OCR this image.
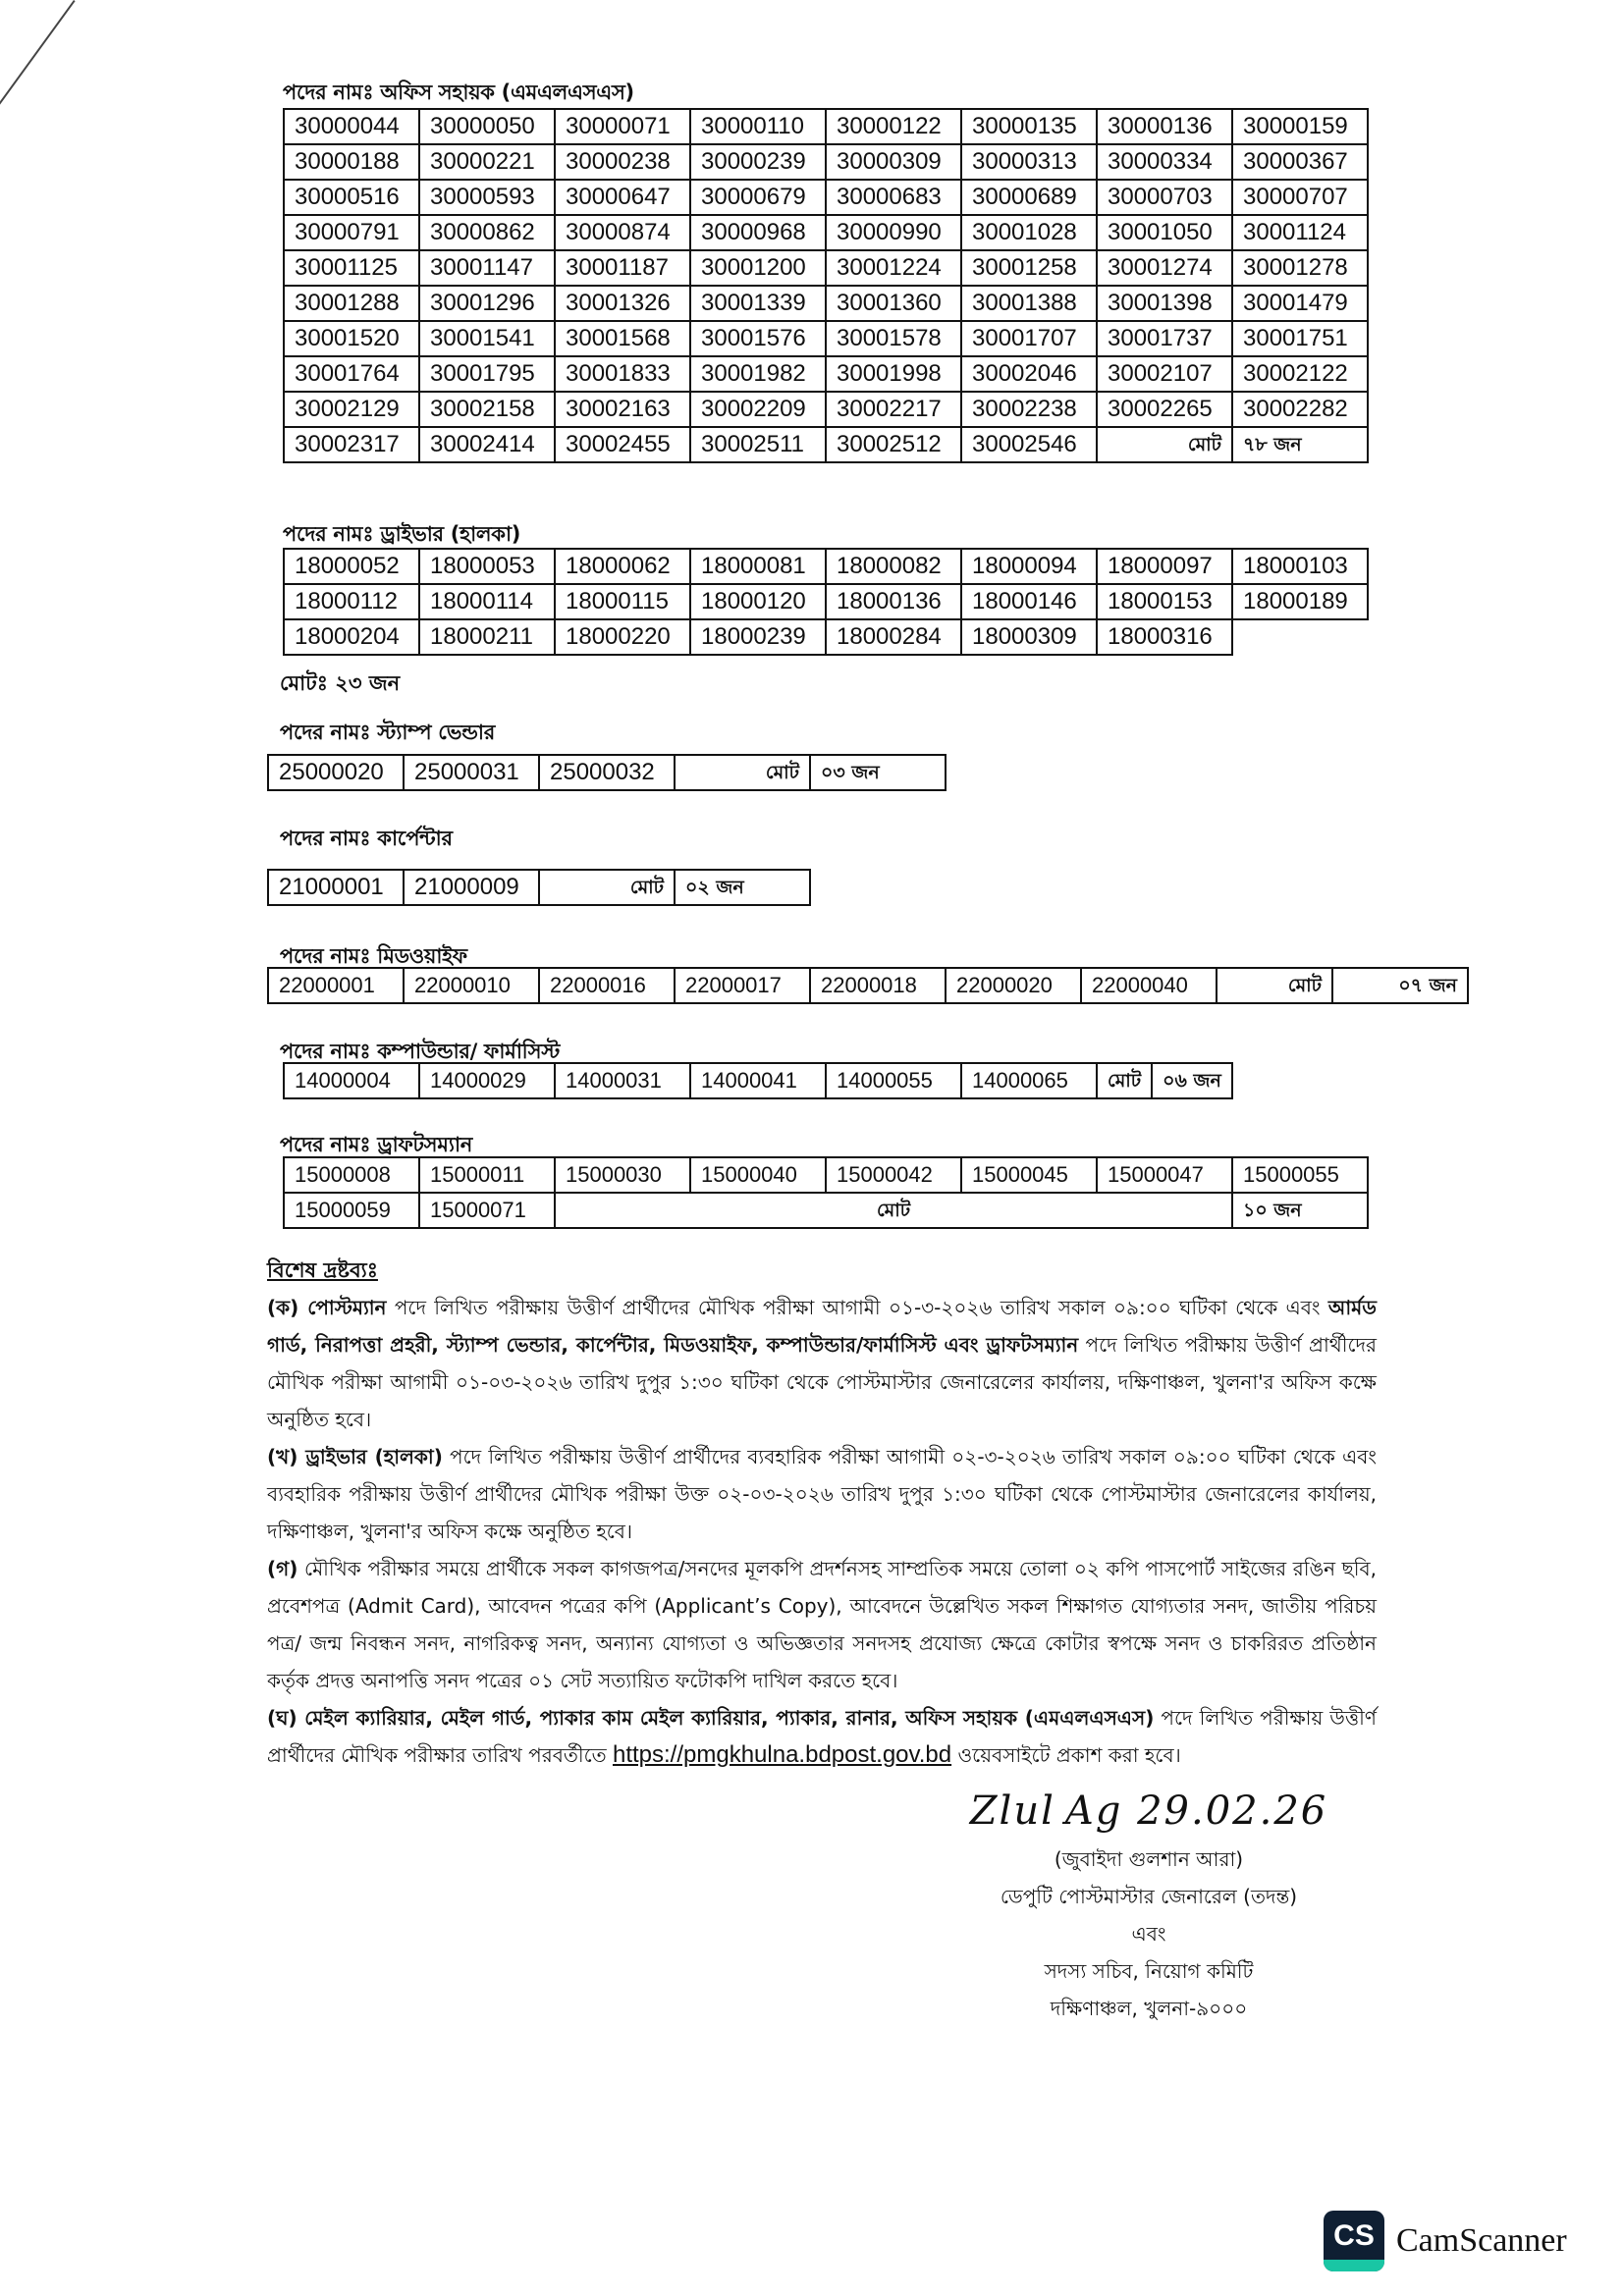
পদের নামঃ অফিস সহায়ক (এমএলএসএস)
30000044	30000050	30000071	30000110	30000122	30000135	30000136	30000159
30000188	30000221	30000238	30000239	30000309	30000313	30000334	30000367
30000516	30000593	30000647	30000679	30000683	30000689	30000703	30000707
30000791	30000862	30000874	30000968	30000990	30001028	30001050	30001124
30001125	30001147	30001187	30001200	30001224	30001258	30001274	30001278
30001288	30001296	30001326	30001339	30001360	30001388	30001398	30001479
30001520	30001541	30001568	30001576	30001578	30001707	30001737	30001751
30001764	30001795	30001833	30001982	30001998	30002046	30002107	30002122
30002129	30002158	30002163	30002209	30002217	30002238	30002265	30002282
30002317	30002414	30002455	30002511	30002512	30002546	মোট	৭৮ জন
পদের নামঃ ড্রাইভার (হালকা)
18000052	18000053	18000062	18000081	18000082	18000094	18000097	18000103
18000112	18000114	18000115	18000120	18000136	18000146	18000153	18000189
18000204	18000211	18000220	18000239	18000284	18000309	18000316	
মোটঃ ২৩ জন
পদের নামঃ স্ট্যাম্প ভেন্ডার
25000020	25000031	25000032	মোট	০৩ জন
পদের নামঃ কার্পেন্টার
21000001	21000009	মোট	০২ জন
পদের নামঃ মিডওয়াইফ
22000001	22000010	22000016	22000017	22000018	22000020	22000040	মোট	০৭ জন
পদের নামঃ কম্পাউন্ডার/ ফার্মাসিস্ট
14000004	14000029	14000031	14000041	14000055	14000065	মোট	০৬ জন
পদের নামঃ ড্রাফটসম্যান
15000008	15000011	15000030	15000040	15000042	15000045	15000047	15000055
15000059	15000071	মোট					১০ জন
বিশেষ দ্রষ্টব্যঃ

(ক) পোস্টম্যান পদে লিখিত পরীক্ষায় উত্তীর্ণ প্রার্থীদের মৌখিক পরীক্ষা আগামী ০১-৩-২০২৬ তারিখ সকাল ০৯:০০ ঘটিকা থেকে এবং আর্মড গার্ড, নিরাপত্তা প্রহরী, স্ট্যাম্প ভেন্ডার, কার্পেন্টার, মিডওয়াইফ, কম্পাউন্ডার/ফার্মাসিস্ট এবং ড্রাফটসম্যান পদে লিখিত পরীক্ষায় উত্তীর্ণ প্রার্থীদের মৌখিক পরীক্ষা আগামী ০১-০৩-২০২৬ তারিখ দুপুর ১:৩০ ঘটিকা থেকে পোস্টমাস্টার জেনারেলের কার্যালয়, দক্ষিণাঞ্চল, খুলনা'র অফিস কক্ষে অনুষ্ঠিত হবে।

(খ) ড্রাইভার (হালকা) পদে লিখিত পরীক্ষায় উত্তীর্ণ প্রার্থীদের ব্যবহারিক পরীক্ষা আগামী ০২-৩-২০২৬ তারিখ সকাল ০৯:০০ ঘটিকা থেকে এবং ব্যবহারিক পরীক্ষায় উত্তীর্ণ প্রার্থীদের মৌখিক পরীক্ষা উক্ত ০২-০৩-২০২৬ তারিখ দুপুর ১:৩০ ঘটিকা থেকে পোস্টমাস্টার জেনারেলের কার্যালয়, দক্ষিণাঞ্চল, খুলনা'র অফিস কক্ষে অনুষ্ঠিত হবে।

(গ) মৌখিক পরীক্ষার সময়ে প্রার্থীকে সকল কাগজপত্র/সনদের মূলকপি প্রদর্শনসহ সাম্প্রতিক সময়ে তোলা ০২ কপি পাসপোর্ট সাইজের রঙিন ছবি, প্রবেশপত্র (Admit Card), আবেদন পত্রের কপি (Applicant’s Copy), আবেদনে উল্লেখিত সকল শিক্ষাগত যোগ্যতার সনদ, জাতীয় পরিচয় পত্র/ জন্ম নিবন্ধন সনদ, নাগরিকত্ব সনদ, অন্যান্য যোগ্যতা ও অভিজ্ঞতার সনদসহ প্রযোজ্য ক্ষেত্রে কোটার স্বপক্ষে সনদ ও চাকরিরত প্রতিষ্ঠান কর্তৃক প্রদত্ত অনাপত্তি সনদ পত্রের ০১ সেট সত্যায়িত ফটোকপি দাখিল করতে হবে।

(ঘ) মেইল ক্যারিয়ার, মেইল গার্ড, প্যাকার কাম মেইল ক্যারিয়ার, প্যাকার, রানার, অফিস সহায়ক (এমএলএসএস) পদে লিখিত পরীক্ষায় উত্তীর্ণ প্রার্থীদের মৌখিক পরীক্ষার তারিখ পরবর্তীতে https://pmgkhulna.bdpost.gov.bd ওয়েবসাইটে প্রকাশ করা হবে।

Zlul Ag 29.02.26
(জুবাইদা গুলশান আরা)
ডেপুটি পোস্টমাস্টার জেনারেল (তদন্ত)
এবং
সদস্য সচিব, নিয়োগ কমিটি
দক্ষিণাঞ্চল, খুলনা-৯০০০
CS CamScanner
